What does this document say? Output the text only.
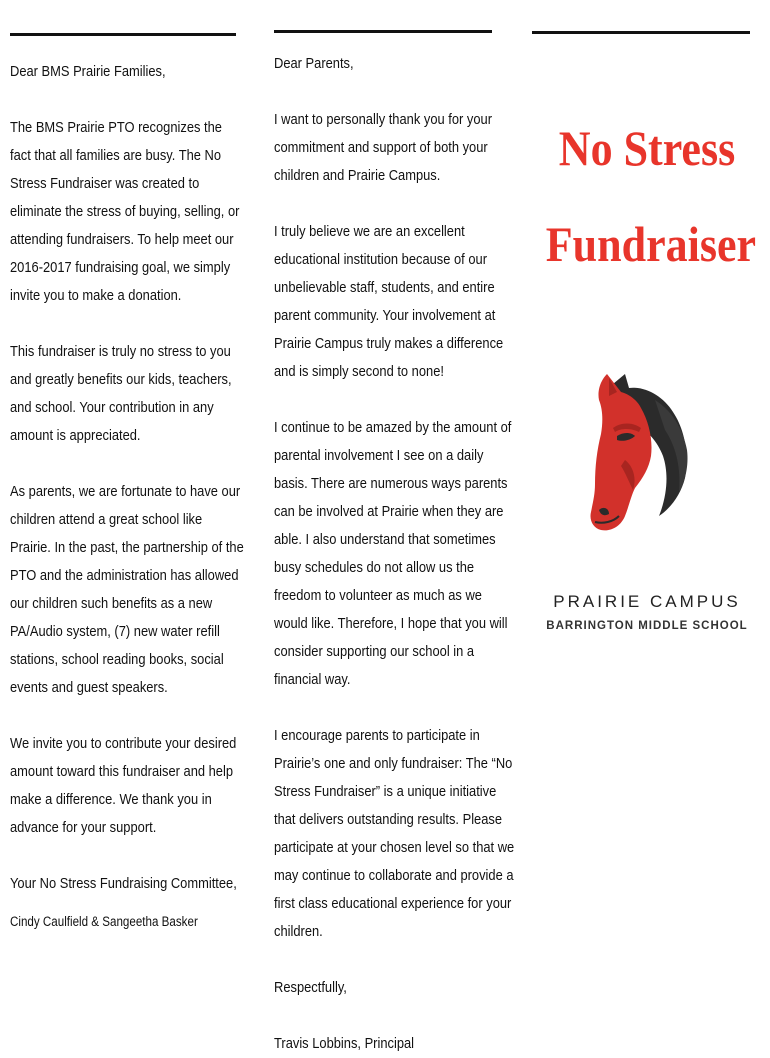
Dear BMS Prairie Families,

The BMS Prairie PTO recognizes the fact that all families are busy. The No Stress Fundraiser was created to eliminate the stress of buying, selling, or attending fundraisers. To help meet our 2016-2017 fundraising goal, we simply invite you to make a donation.

This fundraiser is truly no stress to you and greatly benefits our kids, teachers, and school. Your contribution in any amount is appreciated.

As parents, we are fortunate to have our children attend a great school like Prairie. In the past, the partnership of the PTO and the administration has allowed our children such benefits as a new PA/Audio system, (7) new water refill stations, school reading books, social events and guest speakers.

We invite you to contribute your desired amount toward this fundraiser and help make a difference. We thank you in advance for your support.

Your No Stress Fundraising Committee,

Cindy Caulfield & Sangeetha Basker

Dear Parents,

I want to personally thank you for your commitment and support of both your children and Prairie Campus.

I truly believe we are an excellent educational institution because of our unbelievable staff, students, and entire parent community. Your involvement at Prairie Campus truly makes a difference and is simply second to none!

I continue to be amazed by the amount of parental involvement I see on a daily basis. There are numerous ways parents can be involved at Prairie when they are able. I also understand that sometimes busy schedules do not allow us the freedom to volunteer as much as we would like. Therefore, I hope that you will consider supporting our school in a financial way.

I encourage parents to participate in Prairie’s one and only fundraiser: The “No Stress Fundraiser” is a unique initiative that delivers outstanding results. Please participate at your chosen level so that we may continue to collaborate and provide a first class educational experience for your children.

Respectfully,

Travis Lobbins, Principal

No Stress
Fundraiser
PRAIRIE CAMPUS
BARRINGTON MIDDLE SCHOOL
